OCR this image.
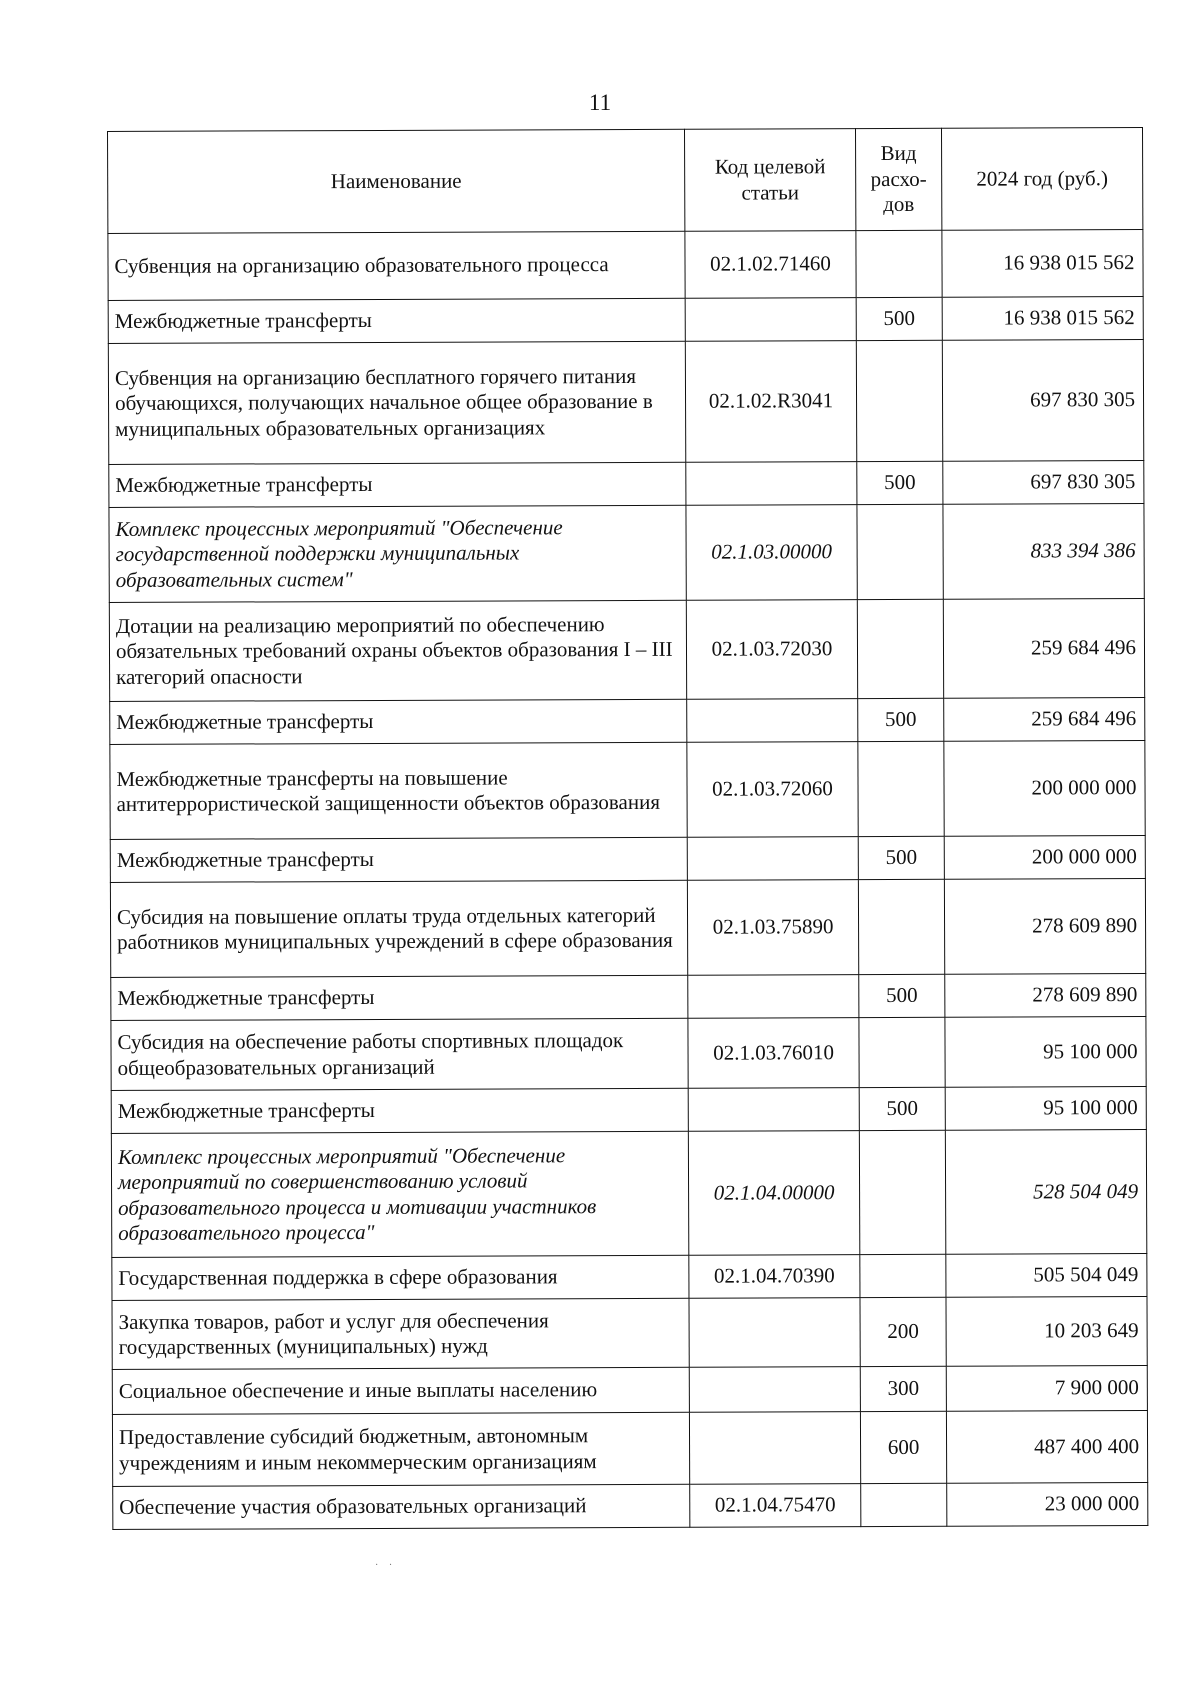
11
Наименование	Код целевой статьи	Вид расхо-дов	2024 год (руб.)
Субвенция на организацию образовательного процесса	02.1.02.71460		16 938 015 562
Межбюджетные трансферты		500	16 938 015 562
Субвенция на организацию бесплатного горячего питания обучающихся, получающих начальное общее образование в муниципальных образовательных организациях	02.1.02.R3041		697 830 305
Межбюджетные трансферты		500	697 830 305
Комплекс процессных мероприятий "Обеспечение государственной поддержки муниципальных образовательных систем"	02.1.03.00000		833 394 386
Дотации на реализацию мероприятий по обеспечению обязательных требований охраны объектов образования I – III категорий опасности	02.1.03.72030		259 684 496
Межбюджетные трансферты		500	259 684 496
Межбюджетные трансферты на повышение антитеррористической защищенности объектов образования	02.1.03.72060		200 000 000
Межбюджетные трансферты		500	200 000 000
Субсидия на повышение оплаты труда отдельных категорий работников муниципальных учреждений в сфере образования	02.1.03.75890		278 609 890
Межбюджетные трансферты		500	278 609 890
Субсидия на обеспечение работы спортивных площадок общеобразовательных организаций	02.1.03.76010		95 100 000
Межбюджетные трансферты		500	95 100 000
Комплекс процессных мероприятий "Обеспечение мероприятий по совершенствованию условий образовательного процесса и мотивации участников образовательного процесса"	02.1.04.00000		528 504 049
Государственная поддержка в сфере образования	02.1.04.70390		505 504 049
Закупка товаров, работ и услуг для обеспечения государственных (муниципальных) нужд		200	10 203 649
Социальное обеспечение и иные выплаты населению		300	7 900 000
Предоставление субсидий бюджетным, автономным учреждениям и иным некоммерческим организациям		600	487 400 400
Обеспечение участия образовательных организаций	02.1.04.75470		23 000 000
· ·
